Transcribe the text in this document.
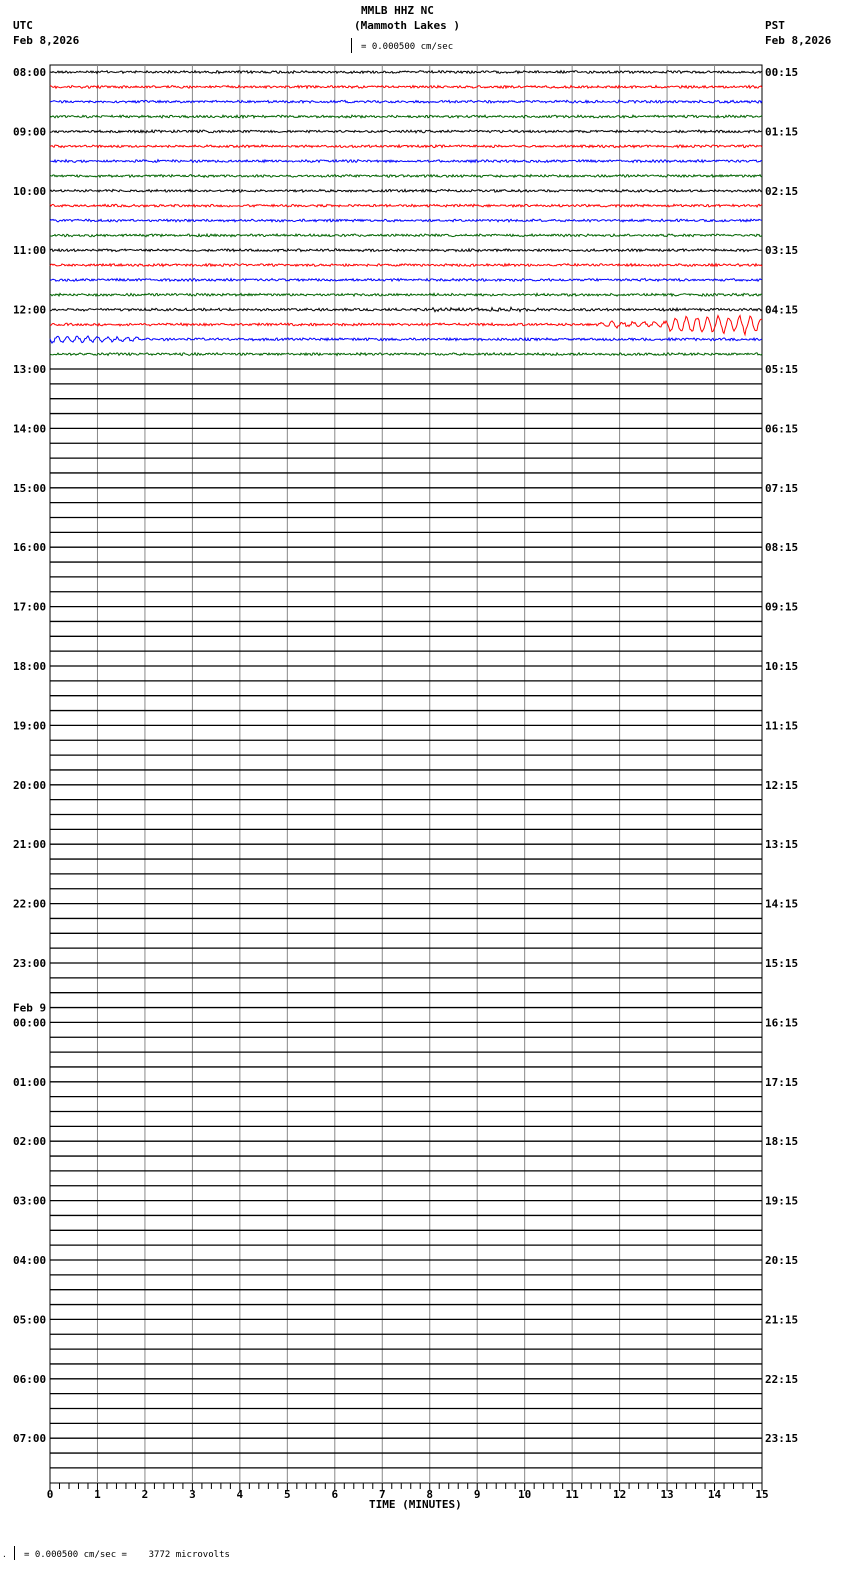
MMLB HHZ NC
(Mammoth Lakes )
UTC
Feb 8,2026
PST
Feb 8,2026
= 0.000500 cm/sec
08:00	00:15
09:00	01:15
10:00	02:15
11:00	03:15
12:00	04:15
13:00	05:15
14:00	06:15
15:00	07:15
16:00	08:15
17:00	09:15
18:00	10:15
19:00	11:15
20:00	12:15
21:00	13:15
22:00	14:15
23:00	15:15
00:00	16:15
Feb 9
01:00	17:15
02:00	18:15
03:00	19:15
04:00	20:15
05:00	21:15
06:00	22:15
07:00	23:15
0	1	2	3	4	5	6	7	8	9	10	11	12	13	14	15
TIME (MINUTES)
. = 0.000500 cm/sec =    3772 microvolts
